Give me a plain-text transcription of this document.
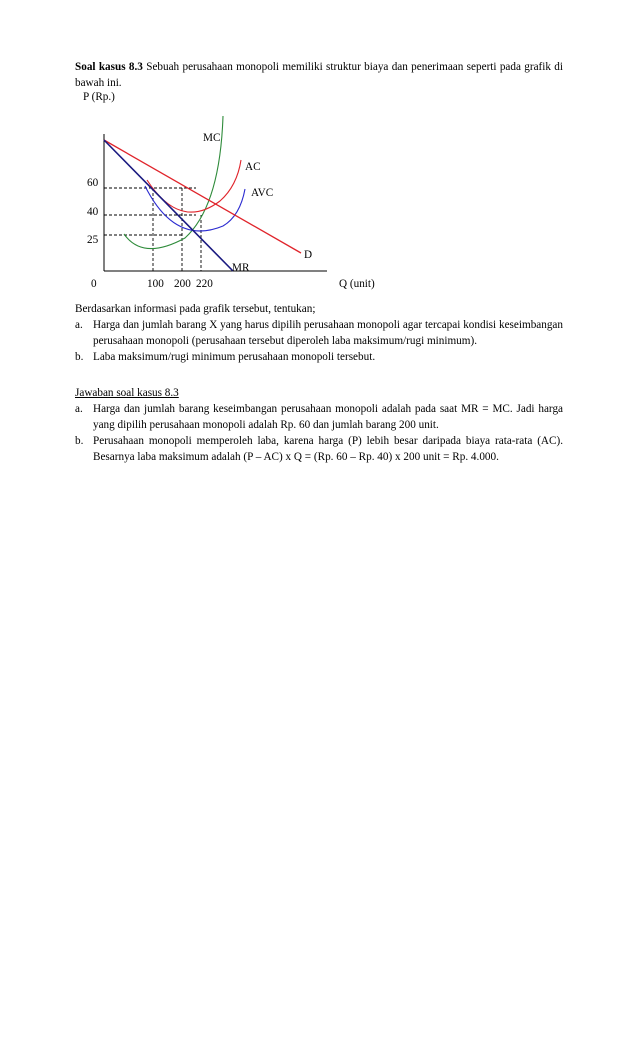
Soal kasus 8.3 Sebuah perusahaan monopoli memiliki struktur biaya dan penerimaan seperti pada grafik di bawah ini.
P (Rp.)
Q (unit)
0
60
40
25
100 200 220
MC
AC
AVC
D
MR
Berdasarkan informasi pada grafik tersebut, tentukan;
a. Harga dan jumlah barang X yang harus dipilih perusahaan monopoli agar tercapai kondisi keseimbangan perusahaan monopoli (perusahaan tersebut diperoleh laba maksimum/rugi minimum).
b. Laba maksimum/rugi minimum perusahaan monopoli tersebut.
Jawaban soal kasus 8.3
a. Harga dan jumlah barang keseimbangan perusahaan monopoli adalah pada saat MR = MC. Jadi harga yang dipilih perusahaan monopoli adalah Rp. 60 dan jumlah barang 200 unit.
b. Perusahaan monopoli memperoleh laba, karena harga (P) lebih besar daripada biaya rata-rata (AC). Besarnya laba maksimum adalah (P – AC) x Q = (Rp. 60 – Rp. 40) x 200 unit = Rp. 4.000.
